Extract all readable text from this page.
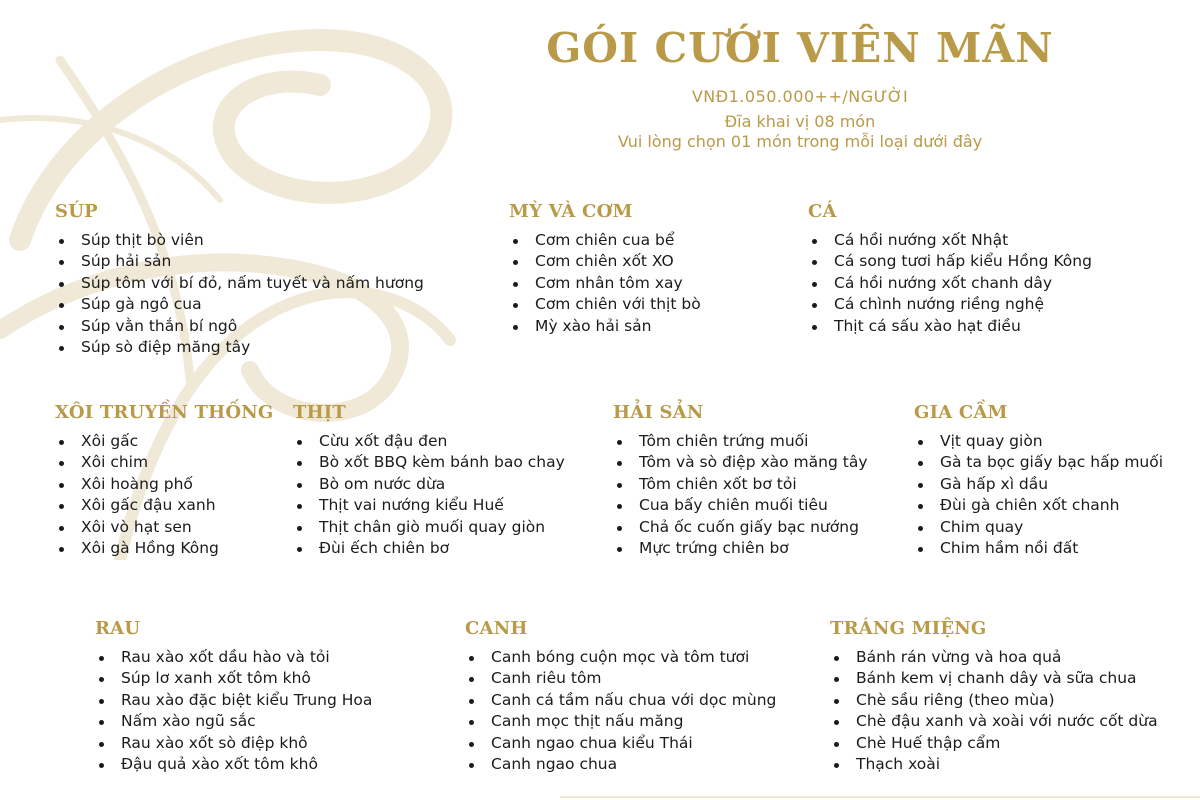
GÓI CƯỚI VIÊN MÃN

VNĐ1.050.000++/NGƯỜI

Đĩa khai vị 08 món

Vui lòng chọn 01 món trong mỗi loại dưới đây

SÚP
Súp thịt bò viên
Súp hải sản
Súp tôm với bí đỏ, nấm tuyết và nấm hương
Súp gà ngô cua
Súp vằn thắn bí ngô
Súp sò điệp măng tây
MỲ VÀ CƠM
Cơm chiên cua bể
Cơm chiên xốt XO
Cơm nhân tôm xay
Cơm chiên với thịt bò
Mỳ xào hải sản
CÁ
Cá hồi nướng xốt Nhật
Cá song tươi hấp kiểu Hồng Kông
Cá hồi nướng xốt chanh dây
Cá chình nướng riềng nghệ
Thịt cá sấu xào hạt điều
XÔI TRUYỀN THỐNG
Xôi gấc
Xôi chim
Xôi hoàng phố
Xôi gấc đậu xanh
Xôi vò hạt sen
Xôi gà Hồng Kông
THỊT
Cừu xốt đậu đen
Bò xốt BBQ kèm bánh bao chay
Bò om nước dừa
Thịt vai nướng kiểu Huế
Thịt chân giò muối quay giòn
Đùi ếch chiên bơ
HẢI SẢN
Tôm chiên trứng muối
Tôm và sò điệp xào măng tây
Tôm chiên xốt bơ tỏi
Cua bấy chiên muối tiêu
Chả ốc cuốn giấy bạc nướng
Mực trứng chiên bơ
GIA CẦM
Vịt quay giòn
Gà ta bọc giấy bạc hấp muối
Gà hấp xì dầu
Đùi gà chiên xốt chanh
Chim quay
Chim hầm nồi đất
RAU
Rau xào xốt dầu hào và tỏi
Súp lơ xanh xốt tôm khô
Rau xào đặc biệt kiểu Trung Hoa
Nấm xào ngũ sắc
Rau xào xốt sò điệp khô
Đậu quả xào xốt tôm khô
CANH
Canh bóng cuộn mọc và tôm tươi
Canh riêu tôm
Canh cá tầm nấu chua với dọc mùng
Canh mọc thịt nấu măng
Canh ngao chua kiểu Thái
Canh ngao chua
TRÁNG MIỆNG
Bánh rán vừng và hoa quả
Bánh kem vị chanh dây và sữa chua
Chè sầu riêng (theo mùa)
Chè đậu xanh và xoài với nước cốt dừa
Chè Huế thập cẩm
Thạch xoài
